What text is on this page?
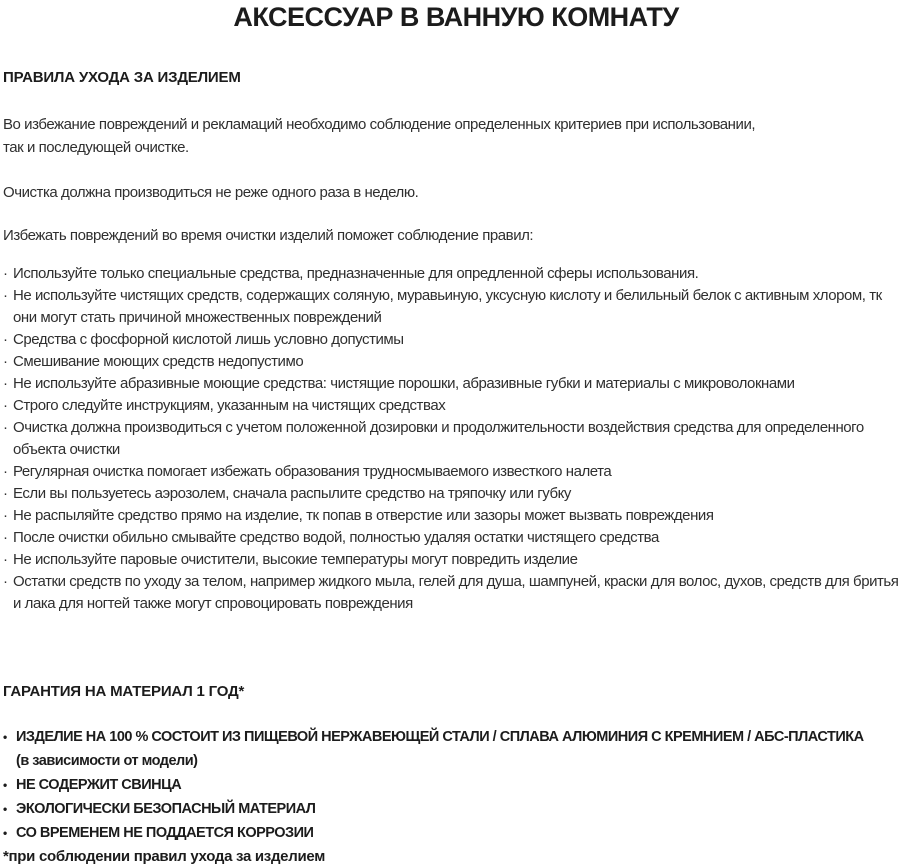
АКСЕССУАР В ВАННУЮ КОМНАТУ
ПРАВИЛА УХОДА ЗА ИЗДЕЛИЕМ

Во избежание повреждений и рекламаций необходимо соблюдение определенных критериев при использовании,
так и последующей очистке.

Очистка должна производиться не реже одного раза в неделю.

Избежать повреждений во время очистки изделий поможет соблюдение правил:

· Используйте только специальные средства, предназначенные для опредленной сферы использования.
· Не используйте чистящих средств, содержащих соляную, муравьиную, уксусную кислоту и белильный белок с активным хлором, тк они могут стать причиной множественных повреждений
· Средства с фосфорной кислотой лишь условно допустимы
· Смешивание моющих средств недопустимо
· Не используйте абразивные моющие средства: чистящие порошки, абразивные губки и материалы с микроволокнами
· Строго следуйте инструкциям, указанным на чистящих средствах
· Очистка должна производиться с учетом положенной дозировки и продолжительности воздействия средства для определенного объекта очистки
· Регулярная очистка помогает избежать образования трудносмываемого известкого налета
· Если вы пользуетесь аэрозолем, сначала распылите средство на тряпочку или губку
· Не распыляйте средство прямо на изделие, тк попав в отверстие или зазоры может вызвать повреждения
· После очистки обильно смывайте средство водой, полностью удаляя остатки чистящего средства
· Не используйте паровые очистители, высокие температуры могут повредить изделие
· Остатки средств по уходу за телом, например жидкого мыла, гелей для душа, шампуней, краски для волос, духов, средств для бритья и лака для ногтей также могут спровоцировать повреждения
ГАРАНТИЯ НА МАТЕРИАЛ 1 ГОД*
• ИЗДЕЛИЕ НА 100 % СОСТОИТ ИЗ ПИЩЕВОЙ НЕРЖАВЕЮЩЕЙ СТАЛИ / СПЛАВА АЛЮМИНИЯ С КРЕМНИЕМ / АБС-ПЛАСТИКА
(в зависимости от модели)
• НЕ СОДЕРЖИТ СВИНЦА
• ЭКОЛОГИЧЕСКИ БЕЗОПАСНЫЙ МАТЕРИАЛ
• СО ВРЕМЕНЕМ НЕ ПОДДАЕТСЯ КОРРОЗИИ
*при соблюдении правил ухода за изделием
